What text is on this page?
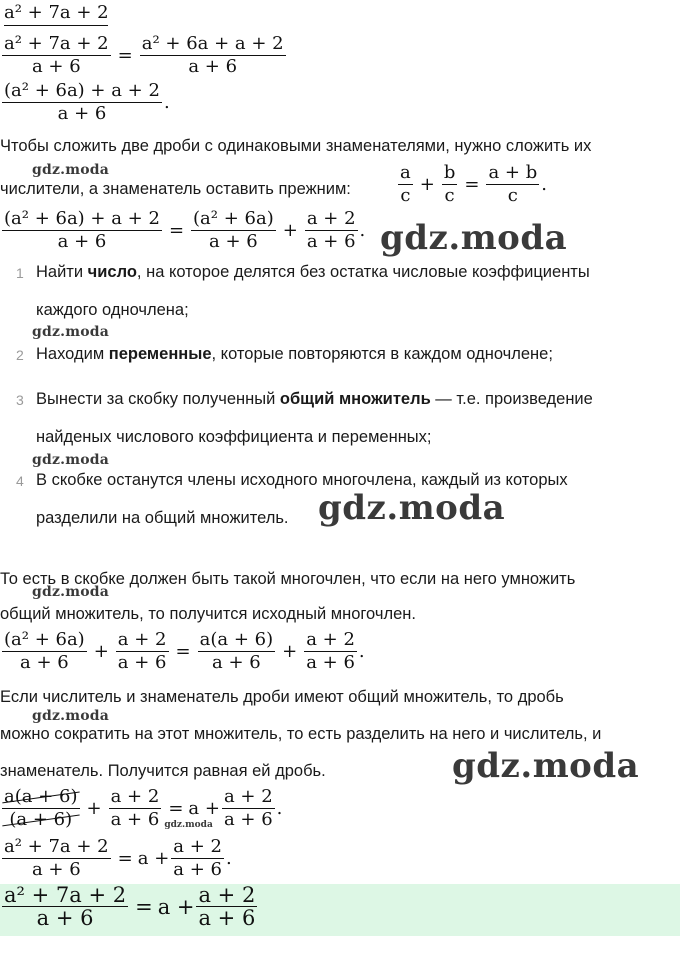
a² + 7a + 2
$\frac{\text{a² + 7a + 2}}{a + 6} = \frac{\text{a² + 6a + a + 2}}{a + 6}$
$\frac{\text{(a² + 6a) + a + 2}}{a + 6}$ .
Чтобы сложить две дроби с одинаковыми знаменателями, нужно сложить их
gdz.moda
числители, а знаменатель оставить прежним:	$\frac{a}{c} + \frac{b}{c} = \frac{a + b}{c}$ .
$\frac{\text{(a² + 6a) + a + 2}}{a + 6} = \frac{\text{(a² + 6a)}}{a + 6} + \frac{a + 2}{a + 6}$ . gdz.moda
1 Найти число, на которое делятся без остатка числовые коэффициенты
каждого одночлена;
gdz.moda
2 Находим переменные, которые повторяются в каждом одночлене;
3 Вынести за скобку полученный общий множитель — т.е. произведение
найденых числового коэффициента и переменных;
gdz.moda
4 В скобке останутся члены исходного многочлена, каждый из которых
разделили на общий множитель. gdz.moda
То есть в скобке должен быть такой многочлен, что если на него умножить
gdz.moda
общий множитель, то получится исходный многочлен.
$\frac{\text{(a² + 6a)}}{a + 6} + \frac{a + 2}{a + 6} = \frac{a(a + 6)}{a + 6} + \frac{a + 2}{a + 6}$ .
Если числитель и знаменатель дроби имеют общий множитель, то дробь
gdz.moda
можно сократить на этот множитель, то есть разделить на него и числитель, и
знаменатель. Получится равная ей дробь.	gdz.moda
$\frac{a(a + 6)}{(a + 6)} + \frac{a + 2}{a + 6}$ =
gdz.moda
$a + \frac{a + 2}{a + 6}$ .
$\frac{\text{a² + 7a + 2}}{a + 6} = a + \frac{a + 2}{a + 6}$ .
$\frac{\text{a² + 7a + 2}}{a + 6} = a + \frac{a + 2}{a + 6}$
